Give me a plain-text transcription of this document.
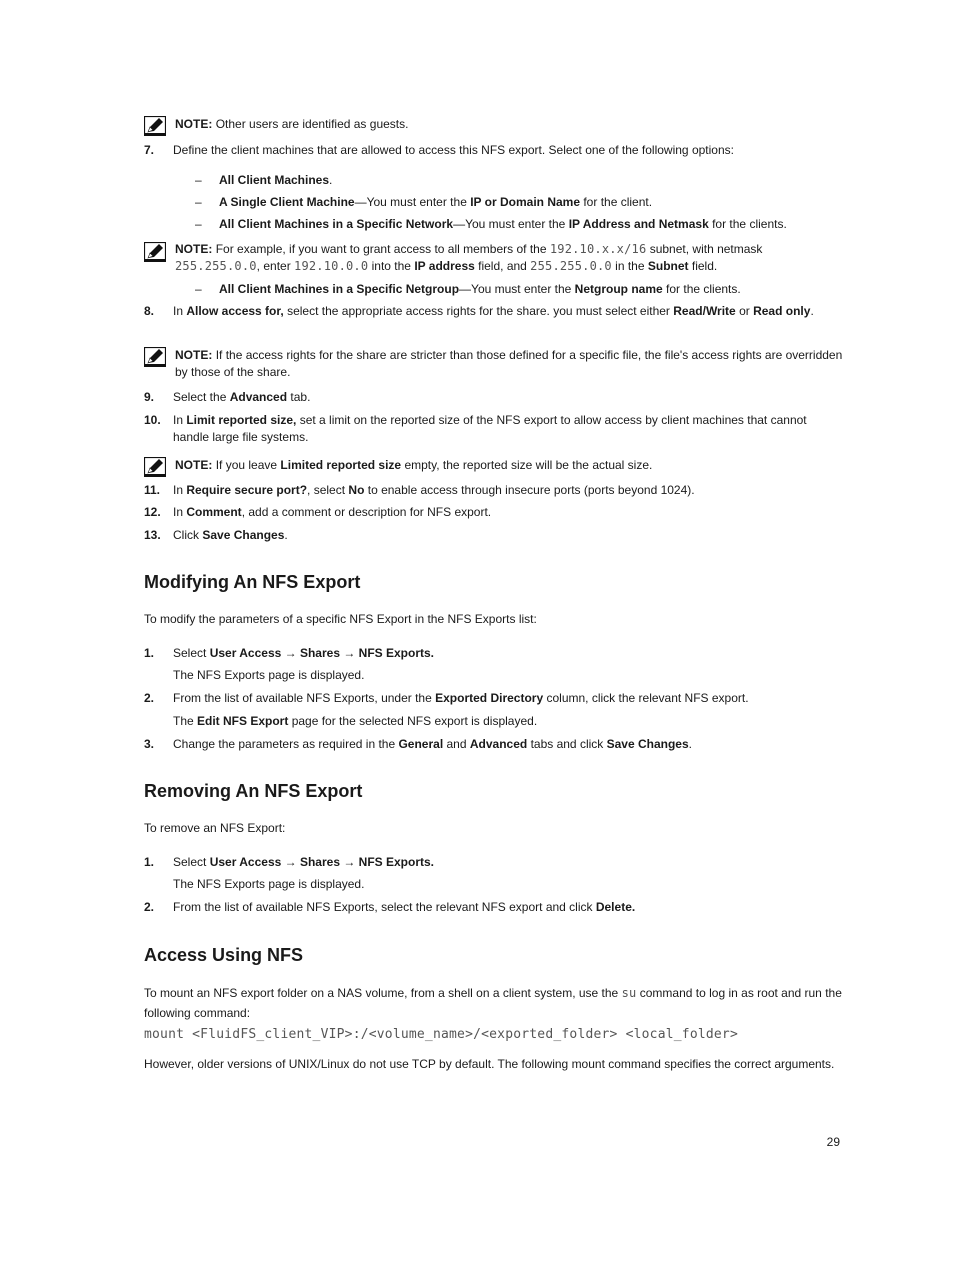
NOTE: Other users are identified as guests.
7. Define the client machines that are allowed to access this NFS export. Select one of the following options:
– All Client Machines.
– A Single Client Machine—You must enter the IP or Domain Name for the client.
– All Client Machines in a Specific Network—You must enter the IP Address and Netmask for the clients.
NOTE: For example, if you want to grant access to all members of the 192.10.x.x/16 subnet, with netmask
255.255.0.0, enter 192.10.0.0 into the IP address field, and 255.255.0.0 in the Subnet field.
– All Client Machines in a Specific Netgroup—You must enter the Netgroup name for the clients.
8. In Allow access for, select the appropriate access rights for the share. you must select either Read/Write or Read only.
NOTE: If the access rights for the share are stricter than those defined for a specific file, the file's access rights are overridden by those of the share.
9. Select the Advanced tab.
10. In Limit reported size, set a limit on the reported size of the NFS export to allow access by client machines that cannot handle large file systems.
NOTE: If you leave Limited reported size empty, the reported size will be the actual size.
11. In Require secure port?, select No to enable access through insecure ports (ports beyond 1024).
12. In Comment, add a comment or description for NFS export.
13. Click Save Changes.
Modifying An NFS Export
To modify the parameters of a specific NFS Export in the NFS Exports list:
1. Select User Access → Shares → NFS Exports.
The NFS Exports page is displayed.
2. From the list of available NFS Exports, under the Exported Directory column, click the relevant NFS export.
The Edit NFS Export page for the selected NFS export is displayed.
3. Change the parameters as required in the General and Advanced tabs and click Save Changes.
Removing An NFS Export
To remove an NFS Export:
1. Select User Access → Shares → NFS Exports.
The NFS Exports page is displayed.
2. From the list of available NFS Exports, select the relevant NFS export and click Delete.
Access Using NFS
To mount an NFS export folder on a NAS volume, from a shell on a client system, use the su command to log in as root and run the following command:
mount <FluidFS_client_VIP>:/<volume_name>/<exported_folder> <local_folder>
However, older versions of UNIX/Linux do not use TCP by default. The following mount command specifies the correct arguments.
29
